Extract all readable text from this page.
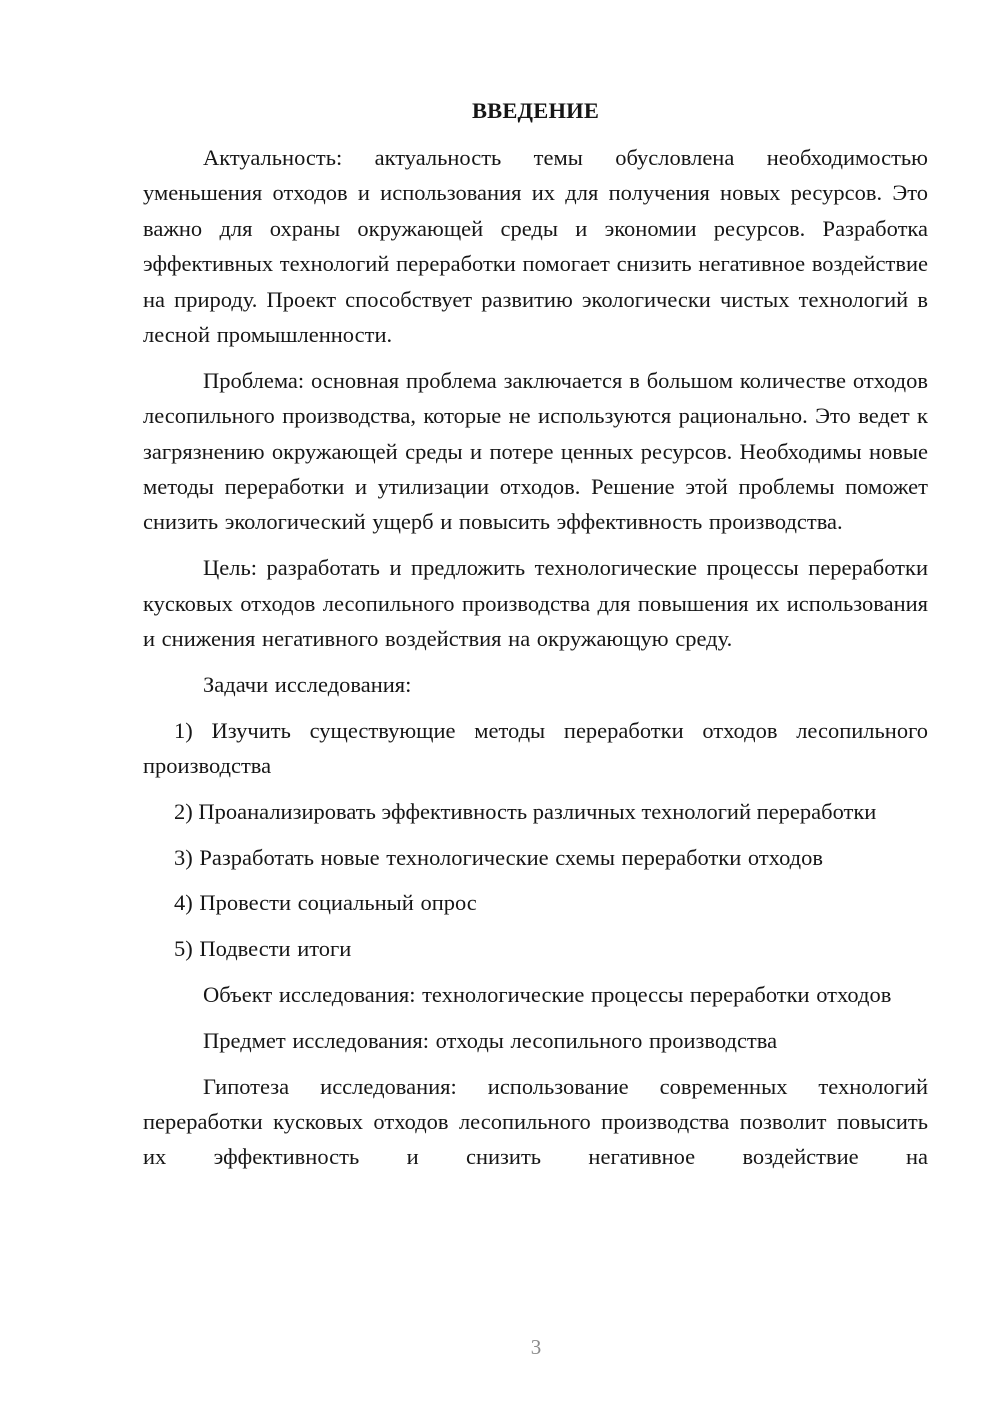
ВВЕДЕНИЕ

Актуальность: актуальность темы обусловлена необходимостью уменьшения отходов и использования их для получения новых ресурсов. Это важно для охраны окружающей среды и экономии ресурсов. Разработка эффективных технологий переработки помогает снизить негативное воздействие на природу. Проект способствует развитию экологически чистых технологий в лесной промышленности.

Проблема: основная проблема заключается в большом количестве отходов лесопильного производства, которые не используются рационально. Это ведет к загрязнению окружающей среды и потере ценных ресурсов. Необходимы новые методы переработки и утилизации отходов. Решение этой проблемы поможет снизить экологический ущерб и повысить эффективность производства.

Цель: разработать и предложить технологические процессы переработки кусковых отходов лесопильного производства для повышения их использования и снижения негативного воздействия на окружающую среду.

Задачи исследования:

1) Изучить существующие методы переработки отходов лесопильного производства

2) Проанализировать эффективность различных технологий переработки

3) Разработать новые технологические схемы переработки отходов

4) Провести социальный опрос

5) Подвести итоги

Объект исследования: технологические процессы переработки отходов

Предмет исследования: отходы лесопильного производства

Гипотеза исследования: использование современных технологий переработки кусковых отходов лесопильного производства позволит повысить их эффективность и снизить негативное воздействие на

3
